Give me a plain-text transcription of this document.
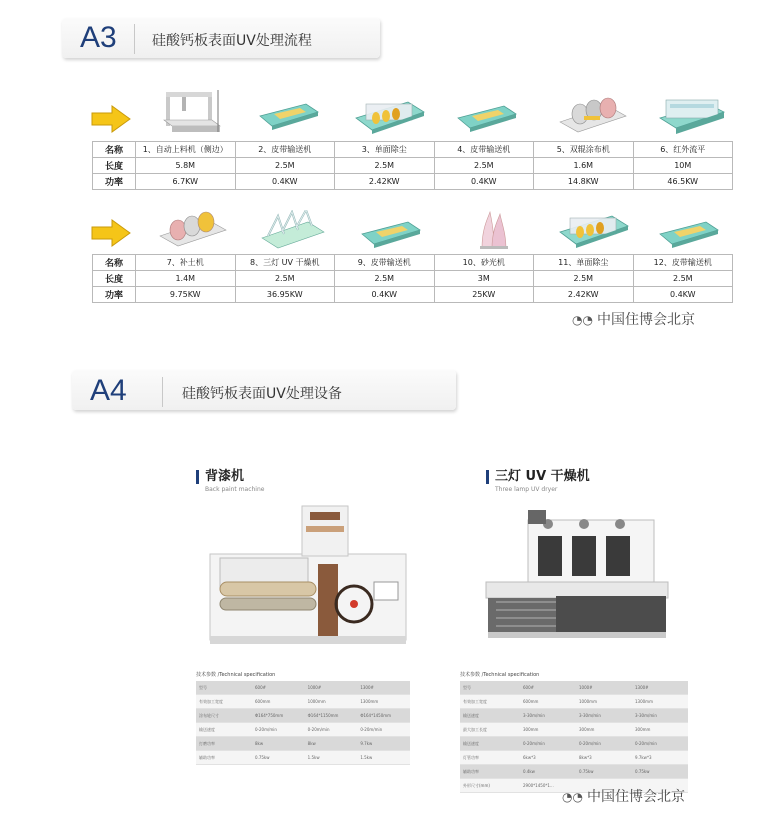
A3	硅酸钙板表面UV处理流程
名称	1、自动上料机（侧边）	2、皮带输送机	3、单面除尘	4、皮带输送机	5、双辊涂布机	6、红外流平
长度	5.8M	2.5M	2.5M	2.5M	1.6M	10M
功率	6.7KW	0.4KW	2.42KW	0.4KW	14.8KW	46.5KW
名称	7、补土机	8、三灯 UV 干燥机	9、皮带输送机	10、砂光机	11、单面除尘	12、皮带输送机
长度	1.4M	2.5M	2.5M	3M	2.5M	2.5M
功率	9.75KW	36.95KW	0.4KW	25KW	2.42KW	0.4KW
◔◔ 中国住博会北京
A4	硅酸钙板表面UV处理设备
背漆机
Back paint machine
技术参数 /Technical specification
型号	600#	1000#	1300#
有效加工宽度	600mm	1000mm	1300mm
涂布轮尺寸	Φ164*750mm	Φ164*1150mm	Φ164*1450mm
输送速度	0-20m/min	0-20m/min	0-20m/min
打磨功率	8kw	8kw	9.7kw
辅助功率	0.75kw	1.5kw	1.5kw
三灯 UV 干燥机
Three lamp UV dryer
技术参数 /Technical specification
型号	600#	1000#	1300#
有效加工宽度	600mm	1000mm	1300mm
输送速度	3-30m/min	3-30m/min	3-30m/min
最大加工长度	300mm	300mm	300mm
输送速度	0-20m/min	0-20m/min	0-20m/min
灯管功率	6kw*3	8kw*3	9.7kw*3
辅助功率	0.4kw	0.75kw	0.75kw
外形尺寸(mm)	2900*1450*1...		
◔◔ 中国住博会北京
